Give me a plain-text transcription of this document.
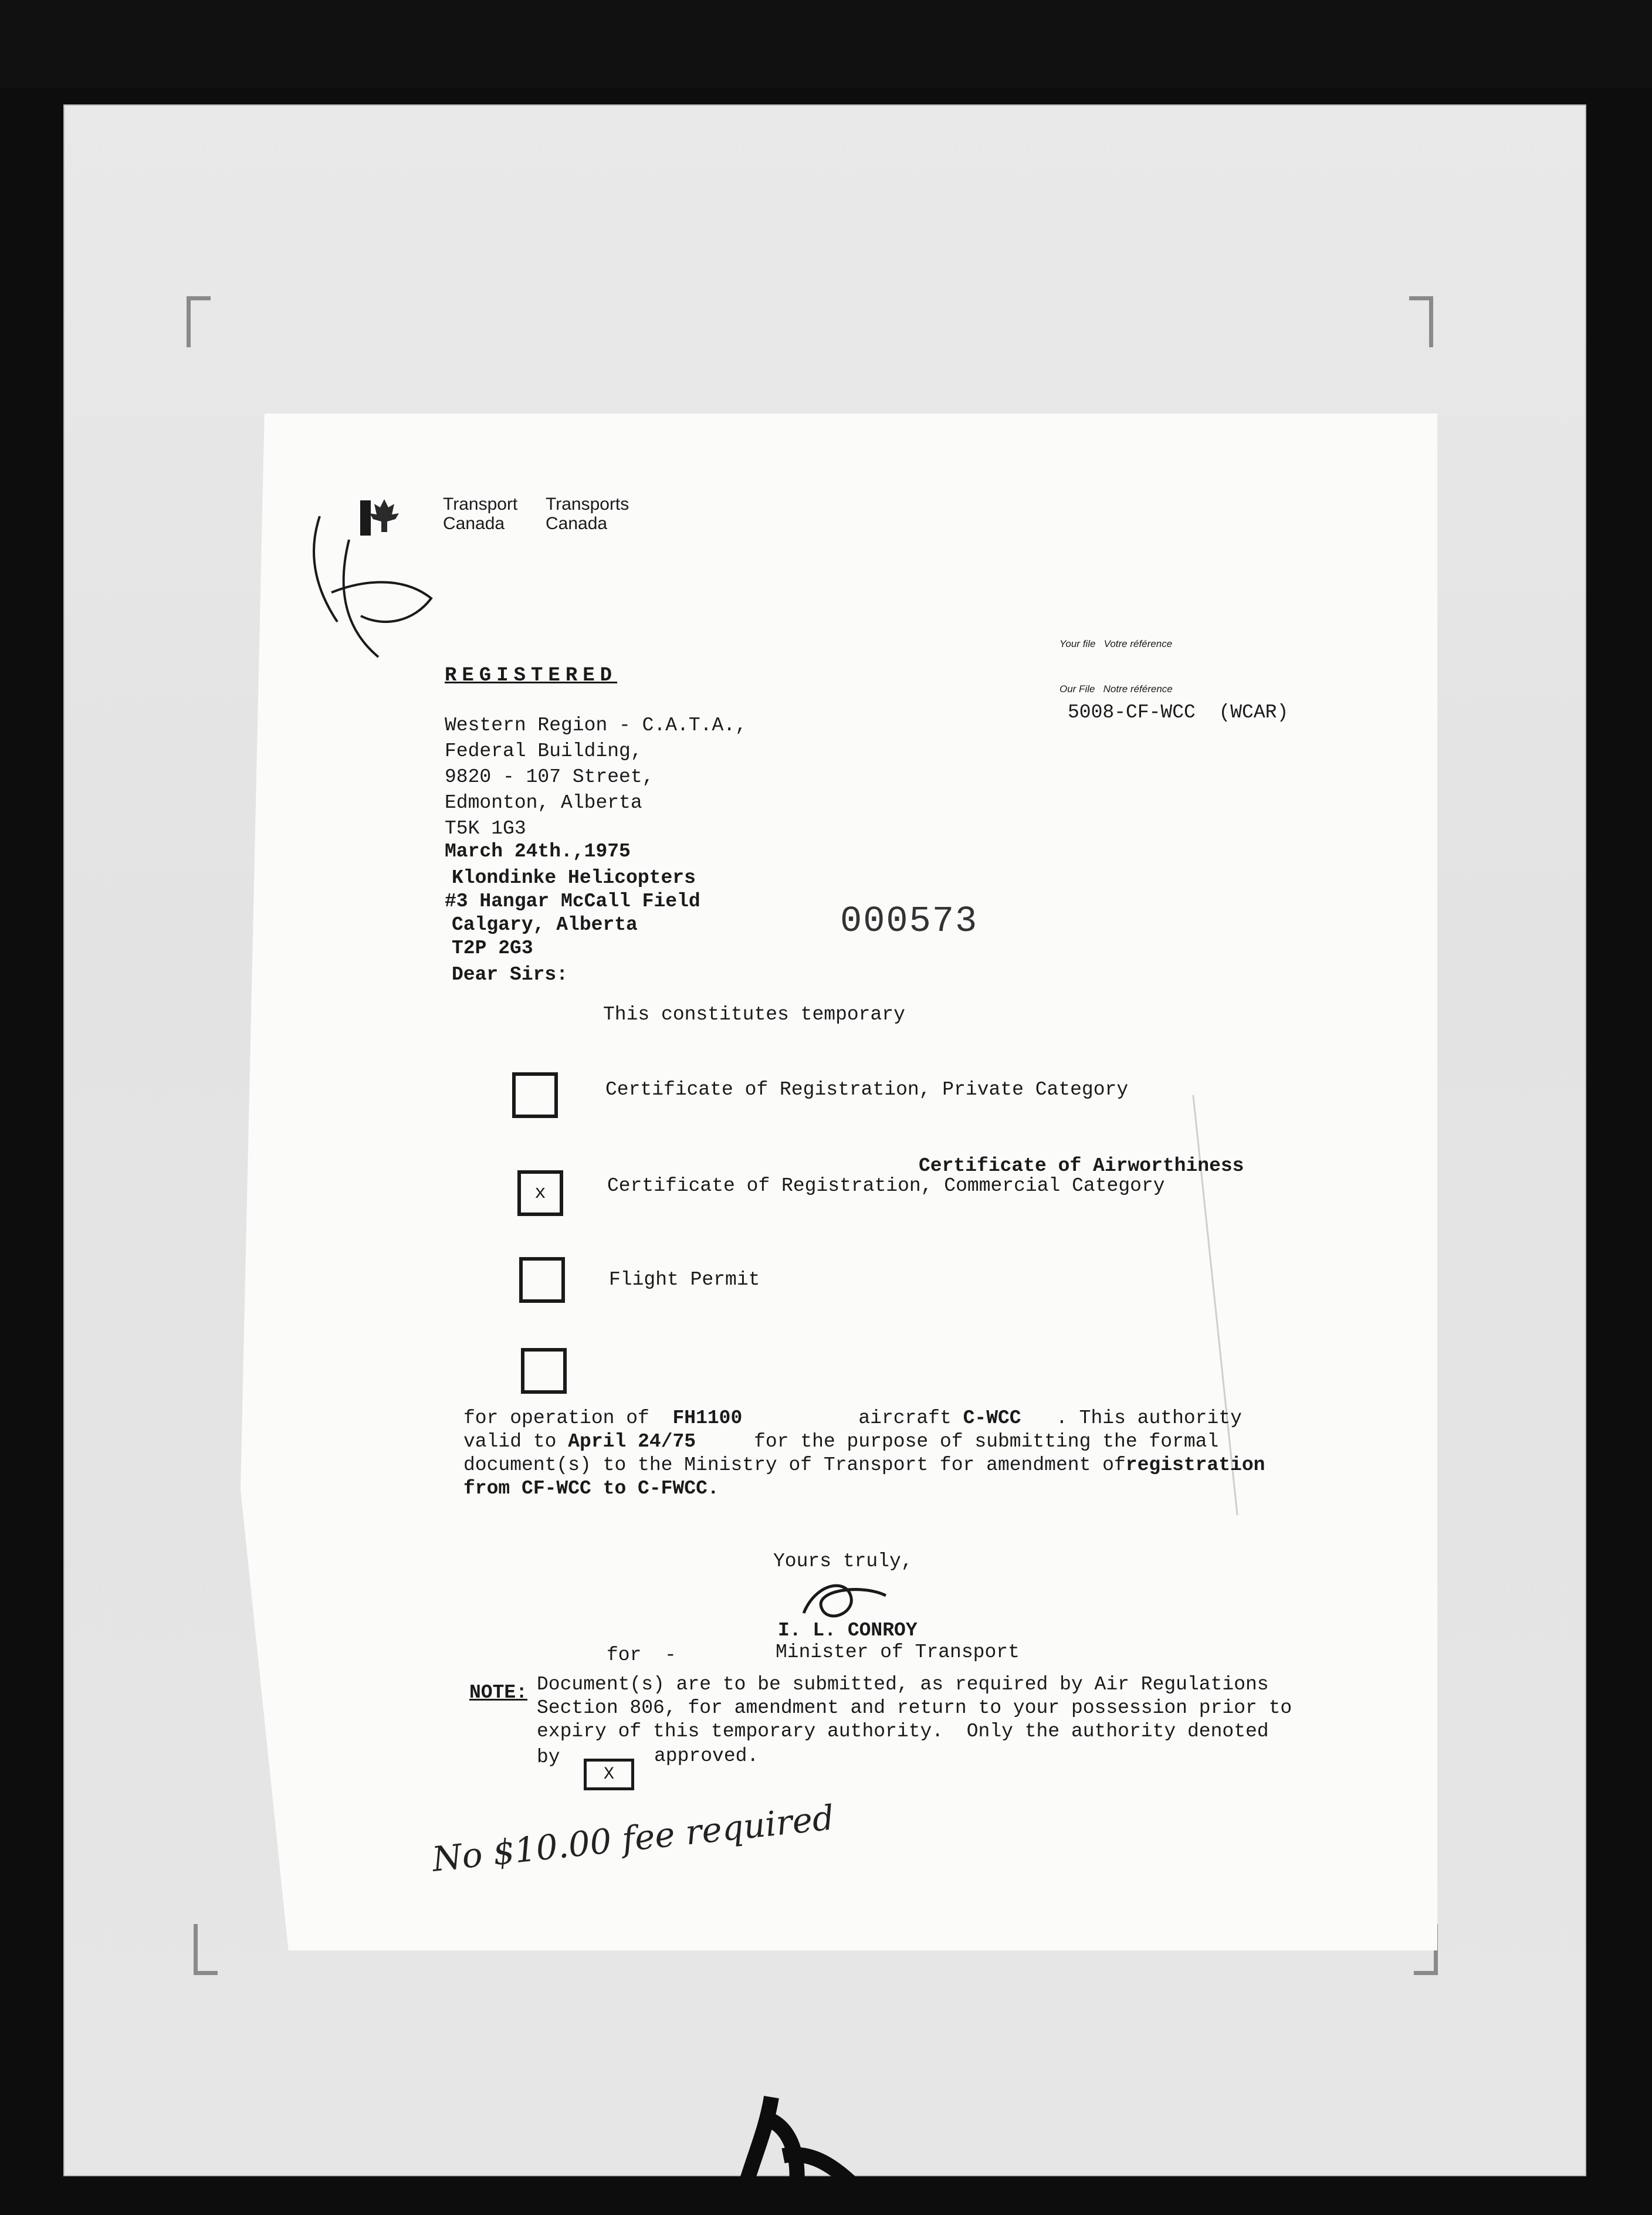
Transport
Canada
Transports
Canada
Your file Votre référence
Our File Notre référence
5008-CF-WCC (WCAR)
REGISTERED
Western Region - C.A.T.A.,
Federal Building,
9820 - 107 Street,
Edmonton, Alberta
T5K 1G3
March 24th.,1975
Klondinke Helicopters
#3 Hangar McCall Field
Calgary, Alberta
T2P 2G3
000573
Dear Sirs:
This constitutes temporary
Certificate of Registration, Private Category
Certificate of Airworthiness
x	Certificate of Registration, Commercial Category
Flight Permit
for operation of FH1100	aircraft C-WCC . This authority
valid to April 24/75	for the purpose of submitting the formal
document(s) to the Ministry of Transport for amendment ofregistration
from CF-WCC to C-FWCC.
Yours truly,
I. L. CONROY
for  -	Minister of Transport
NOTE: Document(s) are to be submitted, as required by Air Regulations
Section 806, for amendment and return to your possession prior to
expiry of this temporary authority.  Only the authority denoted
by
X
approved.
No $10.00 fee required
